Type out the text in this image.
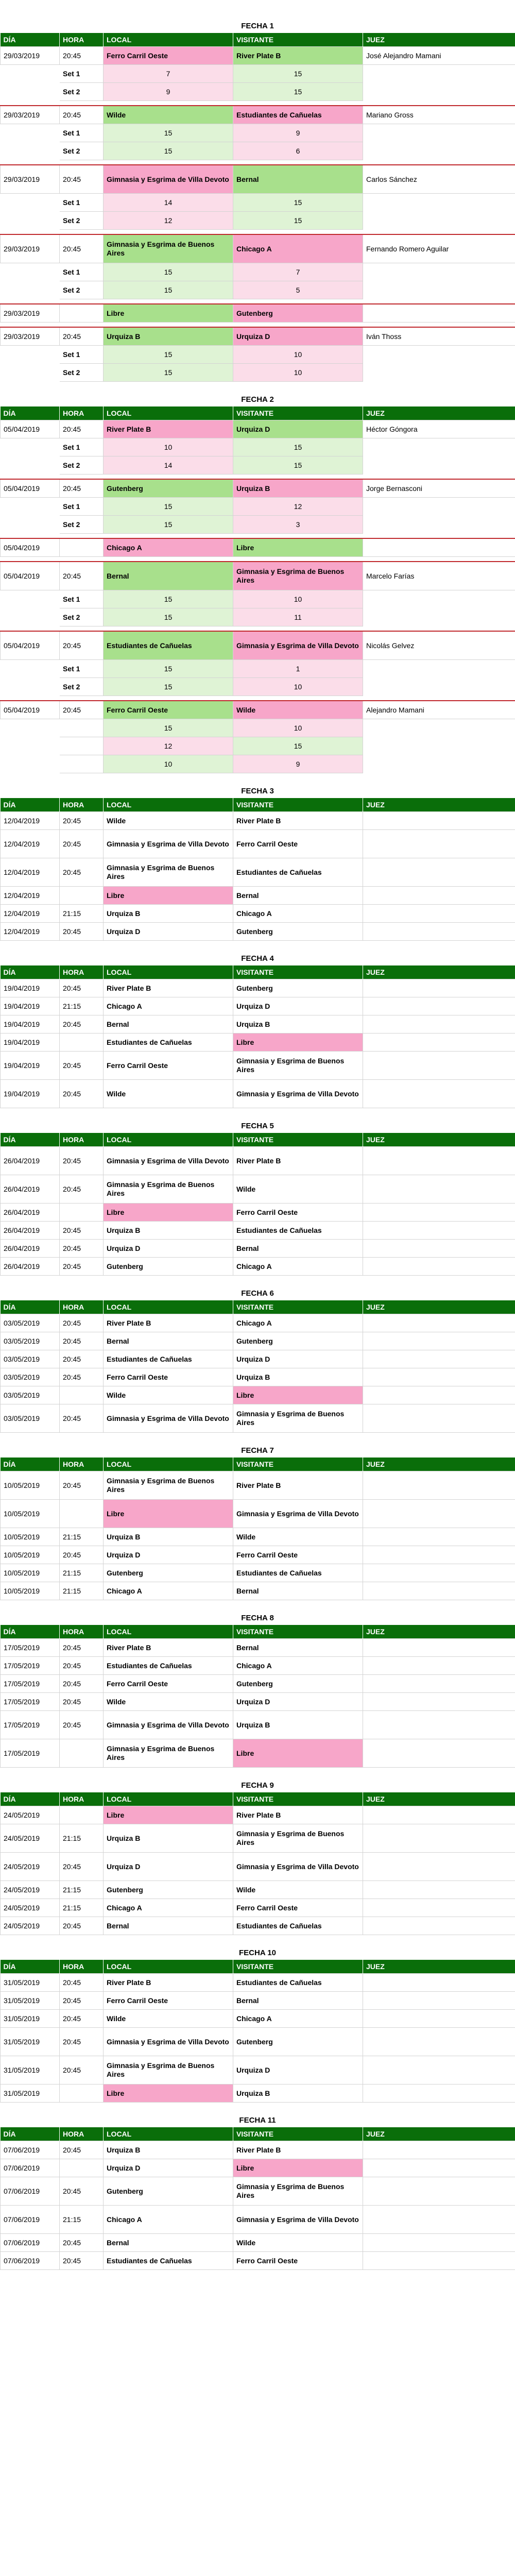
FECHA 1
DÍA	HORA	LOCAL	VISITANTE	JUEZ
29/03/2019	20:45	Ferro Carril Oeste	River Plate B	José Alejandro Mamani
	Set 1	7	15	
	Set 2	9	15	

29/03/2019	20:45	Wilde	Estudiantes de Cañuelas	Mariano Gross
	Set 1	15	9	
	Set 2	15	6	

29/03/2019	20:45	Gimnasia y Esgrima de Villa Devoto	Bernal	Carlos Sánchez
	Set 1	14	15	
	Set 2	12	15	

29/03/2019	20:45	Gimnasia y Esgrima de Buenos Aires	Chicago A	Fernando Romero Aguilar
	Set 1	15	7	
	Set 2	15	5	

29/03/2019		Libre	Gutenberg	

29/03/2019	20:45	Urquiza B	Urquiza D	Iván Thoss
	Set 1	15	10	
	Set 2	15	10	
FECHA 2
DÍA	HORA	LOCAL	VISITANTE	JUEZ
05/04/2019	20:45	River Plate B	Urquiza D	Héctor Góngora
	Set 1	10	15	
	Set 2	14	15	

05/04/2019	20:45	Gutenberg	Urquiza B	Jorge Bernasconi
	Set 1	15	12	
	Set 2	15	3	

05/04/2019		Chicago A	Libre	

05/04/2019	20:45	Bernal	Gimnasia y Esgrima de Buenos Aires	Marcelo Farías
	Set 1	15	10	
	Set 2	15	11	

05/04/2019	20:45	Estudiantes de Cañuelas	Gimnasia y Esgrima de Villa Devoto	Nicolás Gelvez
	Set 1	15	1	
	Set 2	15	10	

05/04/2019	20:45	Ferro Carril Oeste	Wilde	Alejandro Mamani
		15	10	
		12	15	
		10	9	
FECHA 3
DÍA	HORA	LOCAL	VISITANTE	JUEZ
12/04/2019	20:45	Wilde	River Plate B	
12/04/2019	20:45	Gimnasia y Esgrima de Villa Devoto	Ferro Carril Oeste	
12/04/2019	20:45	Gimnasia y Esgrima de Buenos Aires	Estudiantes de Cañuelas	
12/04/2019		Libre	Bernal	
12/04/2019	21:15	Urquiza B	Chicago A	
12/04/2019	20:45	Urquiza D	Gutenberg	
FECHA 4
DÍA	HORA	LOCAL	VISITANTE	JUEZ
19/04/2019	20:45	River Plate B	Gutenberg	
19/04/2019	21:15	Chicago A	Urquiza D	
19/04/2019	20:45	Bernal	Urquiza B	
19/04/2019		Estudiantes de Cañuelas	Libre	
19/04/2019	20:45	Ferro Carril Oeste	Gimnasia y Esgrima de Buenos Aires	
19/04/2019	20:45	Wilde	Gimnasia y Esgrima de Villa Devoto	
FECHA 5
DÍA	HORA	LOCAL	VISITANTE	JUEZ
26/04/2019	20:45	Gimnasia y Esgrima de Villa Devoto	River Plate B	
26/04/2019	20:45	Gimnasia y Esgrima de Buenos Aires	Wilde	
26/04/2019		Libre	Ferro Carril Oeste	
26/04/2019	20:45	Urquiza B	Estudiantes de Cañuelas	
26/04/2019	20:45	Urquiza D	Bernal	
26/04/2019	20:45	Gutenberg	Chicago A	
FECHA 6
DÍA	HORA	LOCAL	VISITANTE	JUEZ
03/05/2019	20:45	River Plate B	Chicago A	
03/05/2019	20:45	Bernal	Gutenberg	
03/05/2019	20:45	Estudiantes de Cañuelas	Urquiza D	
03/05/2019	20:45	Ferro Carril Oeste	Urquiza B	
03/05/2019		Wilde	Libre	
03/05/2019	20:45	Gimnasia y Esgrima de Villa Devoto	Gimnasia y Esgrima de Buenos Aires	
FECHA 7
DÍA	HORA	LOCAL	VISITANTE	JUEZ
10/05/2019	20:45	Gimnasia y Esgrima de Buenos Aires	River Plate B	
10/05/2019		Libre	Gimnasia y Esgrima de Villa Devoto	
10/05/2019	21:15	Urquiza B	Wilde	
10/05/2019	20:45	Urquiza D	Ferro Carril Oeste	
10/05/2019	21:15	Gutenberg	Estudiantes de Cañuelas	
10/05/2019	21:15	Chicago A	Bernal	
FECHA 8
DÍA	HORA	LOCAL	VISITANTE	JUEZ
17/05/2019	20:45	River Plate B	Bernal	
17/05/2019	20:45	Estudiantes de Cañuelas	Chicago A	
17/05/2019	20:45	Ferro Carril Oeste	Gutenberg	
17/05/2019	20:45	Wilde	Urquiza D	
17/05/2019	20:45	Gimnasia y Esgrima de Villa Devoto	Urquiza B	
17/05/2019		Gimnasia y Esgrima de Buenos Aires	Libre	
FECHA 9
DÍA	HORA	LOCAL	VISITANTE	JUEZ
24/05/2019		Libre	River Plate B	
24/05/2019	21:15	Urquiza B	Gimnasia y Esgrima de Buenos Aires	
24/05/2019	20:45	Urquiza D	Gimnasia y Esgrima de Villa Devoto	
24/05/2019	21:15	Gutenberg	Wilde	
24/05/2019	21:15	Chicago A	Ferro Carril Oeste	
24/05/2019	20:45	Bernal	Estudiantes de Cañuelas	
FECHA 10
DÍA	HORA	LOCAL	VISITANTE	JUEZ
31/05/2019	20:45	River Plate B	Estudiantes de Cañuelas	
31/05/2019	20:45	Ferro Carril Oeste	Bernal	
31/05/2019	20:45	Wilde	Chicago A	
31/05/2019	20:45	Gimnasia y Esgrima de Villa Devoto	Gutenberg	
31/05/2019	20:45	Gimnasia y Esgrima de Buenos Aires	Urquiza D	
31/05/2019		Libre	Urquiza B	
FECHA 11
DÍA	HORA	LOCAL	VISITANTE	JUEZ
07/06/2019	20:45	Urquiza B	River Plate B	
07/06/2019		Urquiza D	Libre	
07/06/2019	20:45	Gutenberg	Gimnasia y Esgrima de Buenos Aires	
07/06/2019	21:15	Chicago A	Gimnasia y Esgrima de Villa Devoto	
07/06/2019	20:45	Bernal	Wilde	
07/06/2019	20:45	Estudiantes de Cañuelas	Ferro Carril Oeste	
